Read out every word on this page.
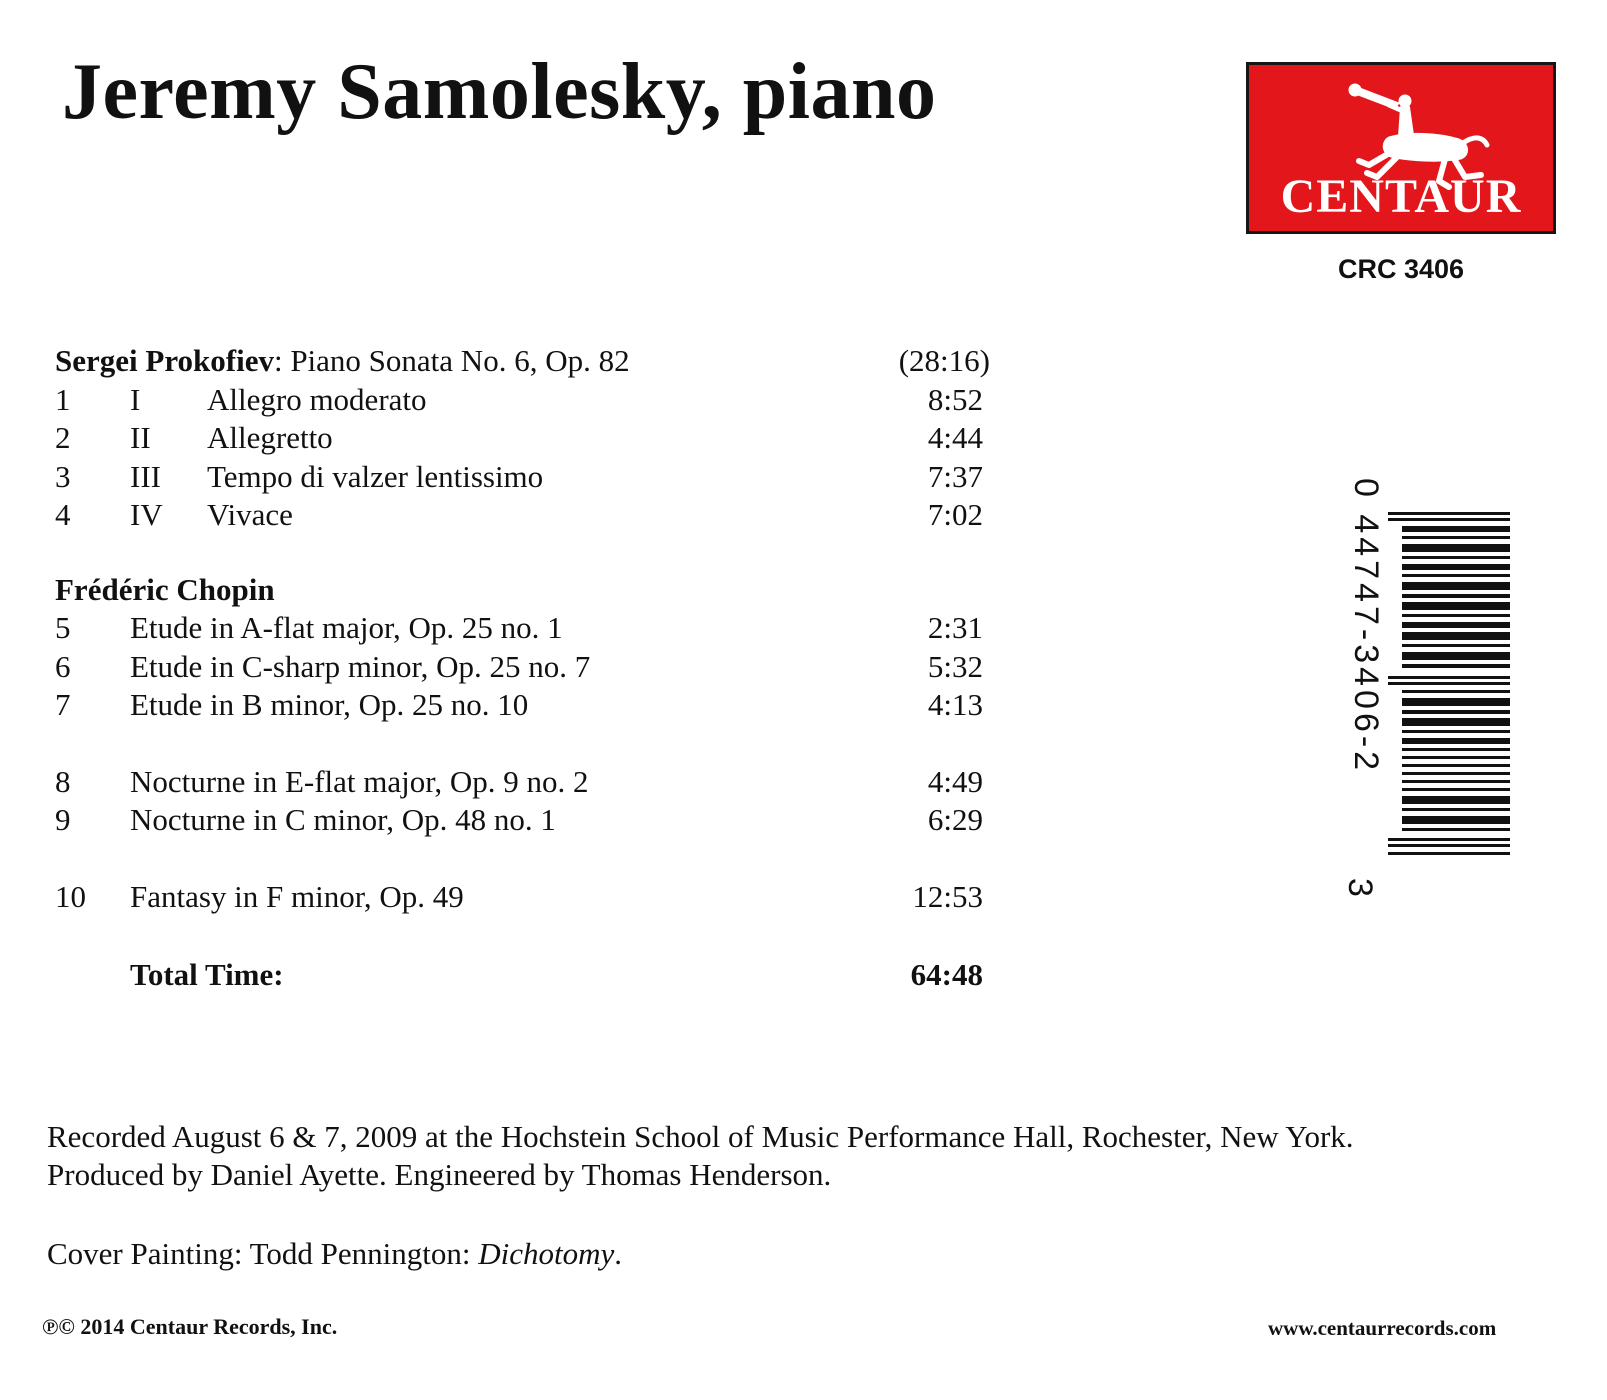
Jeremy Samolesky, piano
CENTAUR
CRC 3406
Sergei Prokofiev: Piano Sonata No. 6, Op. 82	(28:16)
1 I Allegro moderato	8:52
2 II Allegretto	4:44
3 III Tempo di valzer lentissimo	7:37
4 IV Vivace	7:02
Frédéric Chopin
5 Etude in A-flat major, Op. 25 no. 1	2:31
6 Etude in C-sharp minor, Op. 25 no. 7	5:32
7 Etude in B minor, Op. 25 no. 10	4:13
8 Nocturne in E-flat major, Op. 9 no. 2	4:49
9 Nocturne in C minor, Op. 48 no. 1	6:29
10 Fantasy in F minor, Op. 49	12:53
Total Time:	64:48
0 44747-3406-2
3
Recorded August 6 & 7, 2009 at the Hochstein School of Music Performance Hall, Rochester, New York. Produced by Daniel Ayette. Engineered by Thomas Henderson.
Cover Painting: Todd Pennington: Dichotomy.
℗© 2014 Centaur Records, Inc.	www.centaurrecords.com
